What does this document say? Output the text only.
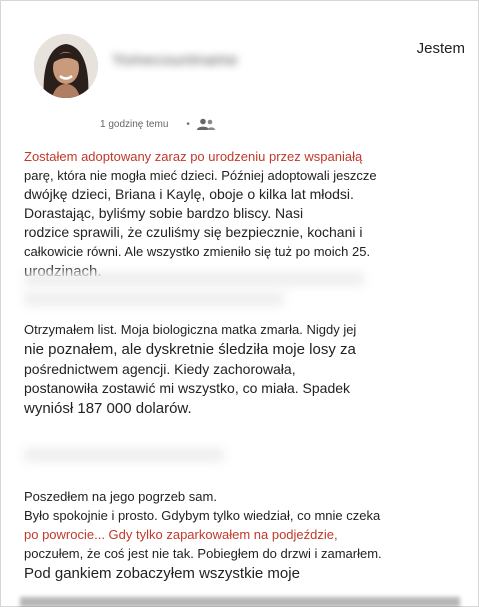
Yomecountname
Jestem
1 godzinę temu •
Zostałem adoptowany zaraz po urodzeniu przez wspaniałą
parę, która nie mogła mieć dzieci. Później adoptowali jeszcze
dwójkę dzieci, Briana i Kaylę, oboje o kilka lat młodsi.
Dorastając, byliśmy sobie bardzo bliscy. Nasi
rodzice sprawili, że czuliśmy się bezpiecznie, kochani i
całkowicie równi. Ale wszystko zmieniło się tuż po moich 25.
Otrzymałem list. Moja biologiczna matka zmarła. Nigdy jej
nie poznałem, ale dyskretnie śledziła moje losy za
pośrednictwem agencji. Kiedy zachorowała,
postanowiła zostawić mi wszystko, co miała. Spadek
wyniósł 187 000 dolarów.
Poszedłem na jego pogrzeb sam.
Było spokojnie i prosto. Gdybym tylko wiedział, co mnie czeka
po powrocie... Gdy tylko zaparkowałem na podjeździe,
poczułem, że coś jest nie tak. Pobiegłem do drzwi i zamarłem.
Pod gankiem zobaczyłem wszystkie moje
